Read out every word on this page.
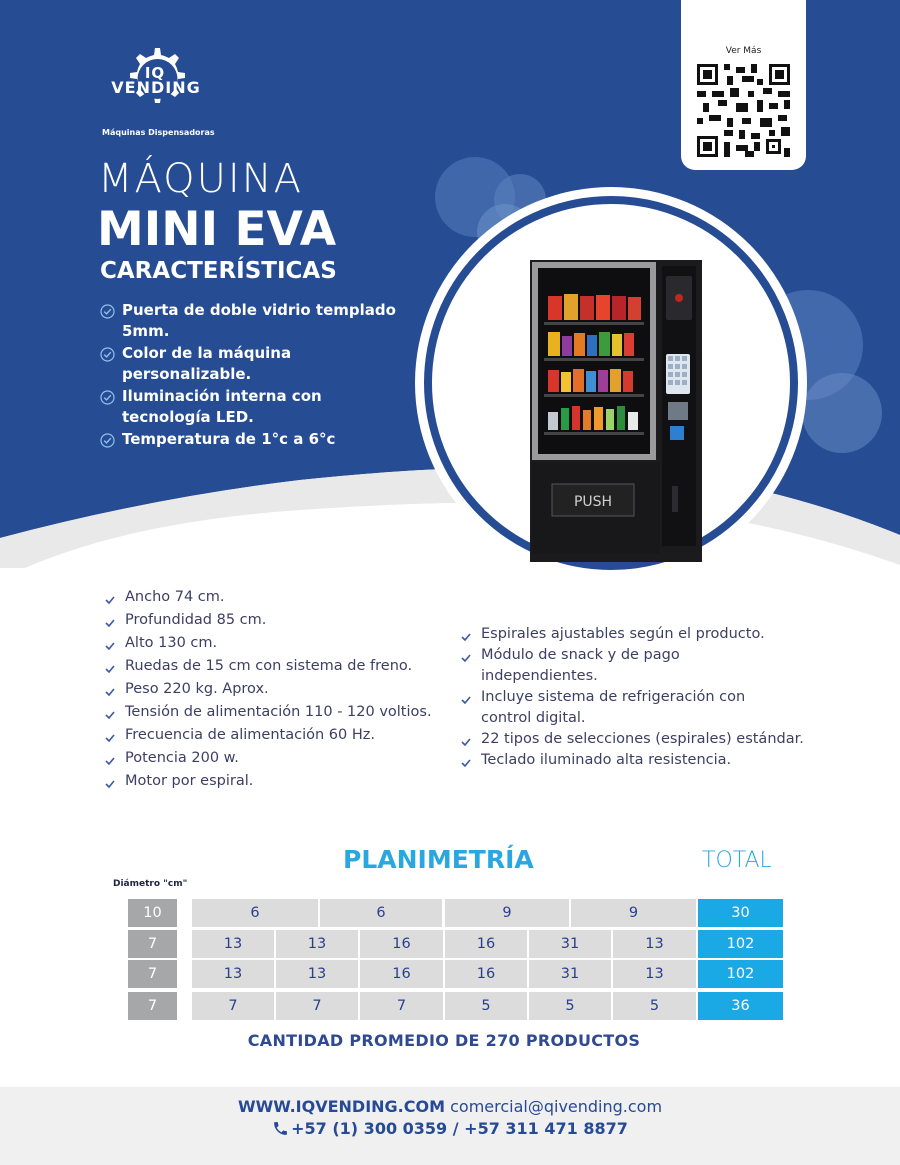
IQ
VENDING
Máquinas Dispensadoras
Ver Más
MÁQUINA
MINI EVA
CARACTERÍSTICAS
Puerta de doble vidrio templado 5mm.
Color de la máquina personalizable.
Iluminación interna con tecnología LED.
Temperatura de 1°c a 6°c
PUSH
Ancho 74 cm.
Profundidad 85 cm.
Alto 130 cm.
Ruedas de 15 cm con sistema de freno.
Peso 220 kg. Aprox.
Tensión de alimentación 110 - 120 voltios.
Frecuencia de alimentación 60 Hz.
Potencia 200 w.
Motor por espiral.
Espirales ajustables según el producto.
Módulo de snack y de pago
independientes.
Incluye sistema de refrigeración con
control digital.
22 tipos de selecciones (espirales) estándar.
Teclado iluminado alta resistencia.
PLANIMETRÍA	TOTAL
Diámetro "cm"
10	6	6	9	9	30
7	13	13	16	16	31	13	102
7	13	13	16	16	31	13	102
7	7	7	7	5	5	5	36
CANTIDAD PROMEDIO DE 270 PRODUCTOS
WWW.IQVENDING.COM comercial@qivending.com
+57 (1) 300 0359 / +57 311 471 8877
